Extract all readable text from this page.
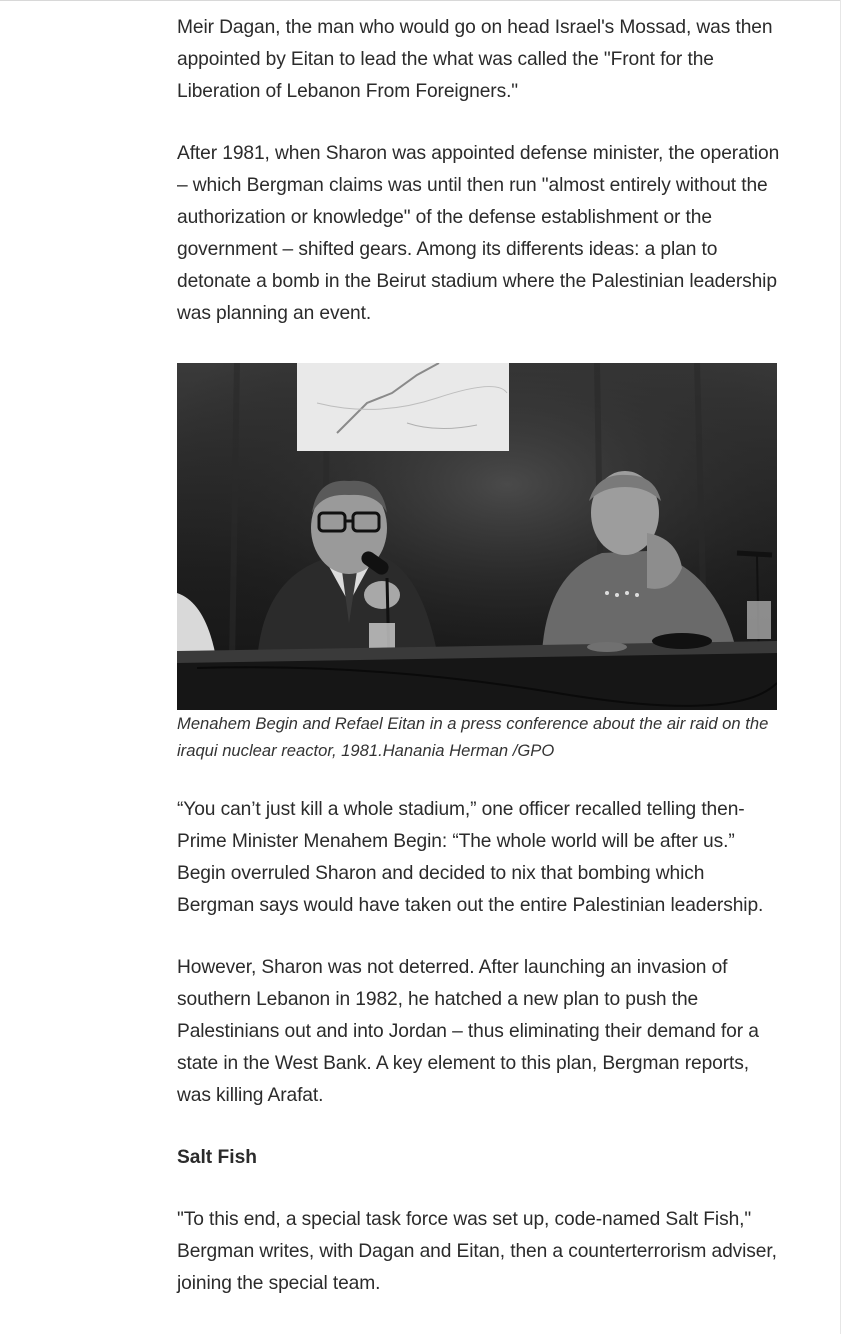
Meir Dagan, the man who would go on head Israel's Mossad, was then appointed by Eitan to lead the what was called the "Front for the Liberation of Lebanon From Foreigners."

After 1981, when Sharon was appointed defense minister, the operation – which Bergman claims was until then run "almost entirely without the authorization or knowledge" of the defense establishment or the government – shifted gears. Among its differents ideas: a plan to detonate a bomb in the Beirut stadium where the Palestinian leadership was planning an event.

Menahem Begin and Refael Eitan in a press conference about the air raid on the iraqui nuclear reactor, 1981.Hanania Herman /GPO

“You can’t just kill a whole stadium,” one officer recalled telling then-Prime Minister Menahem Begin: “The whole world will be after us.” Begin overruled Sharon and decided to nix that bombing which Bergman says would have taken out the entire Palestinian leadership.

However, Sharon was not deterred. After launching an invasion of southern Lebanon in 1982, he hatched a new plan to push the Palestinians out and into Jordan – thus eliminating their demand for a state in the West Bank. A key element to this plan, Bergman reports, was killing Arafat.

Salt Fish

"To this end, a special task force was set up, code-named Salt Fish," Bergman writes, with Dagan and Eitan, then a counterterrorism adviser, joining the special team.
